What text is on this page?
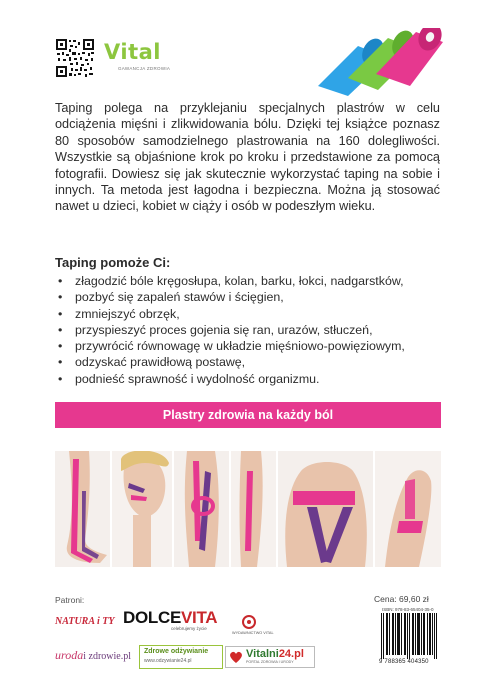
Vital
GAWANCJA ZDROWIA

Taping polega na przyklejaniu specjalnych plastrów w celu odciążenia mięśni i zlikwidowania bólu. Dzięki tej książce poznasz 80 sposobów samodzielnego plastrowania na 160 dolegliwości. Wszystkie są objaśnione krok po kroku i przedstawione za pomocą fotografii. Dowiesz się jak skutecznie wykorzystać taping na sobie i innych. Ta metoda jest łagodna i bezpieczna. Można ją stosować nawet u dzieci, kobiet w ciąży i osób w podeszłym wieku.

Taping pomoże Ci:
• złagodzić bóle kręgosłupa, kolan, barku, łokci, nadgarstków,
• pozbyć się zapaleń stawów i ścięgien,
• zmniejszyć obrzęk,
• przyspieszyć proces gojenia się ran, urazów, stłuczeń,
• przywrócić równowagę w układzie mięśniowo-powięziowym,
• odzyskać prawidłową postawę,
• podnieść sprawność i wydolność organizmu.
Plastry zdrowia na każdy ból
Patroni:	Cena: 69,60 zł
ISBN: 978-83-65404-35-0
9 788365 404350
NATURA i TY DOLCEVITA
celebrujemy życie
WYDAWNICTWO VITAL
urodai zdrowie.pl Zdrowe odżywianie
www.odzywianie24.pl
Vitalni24.pl
PORTAL ZDROWIA I URODY
